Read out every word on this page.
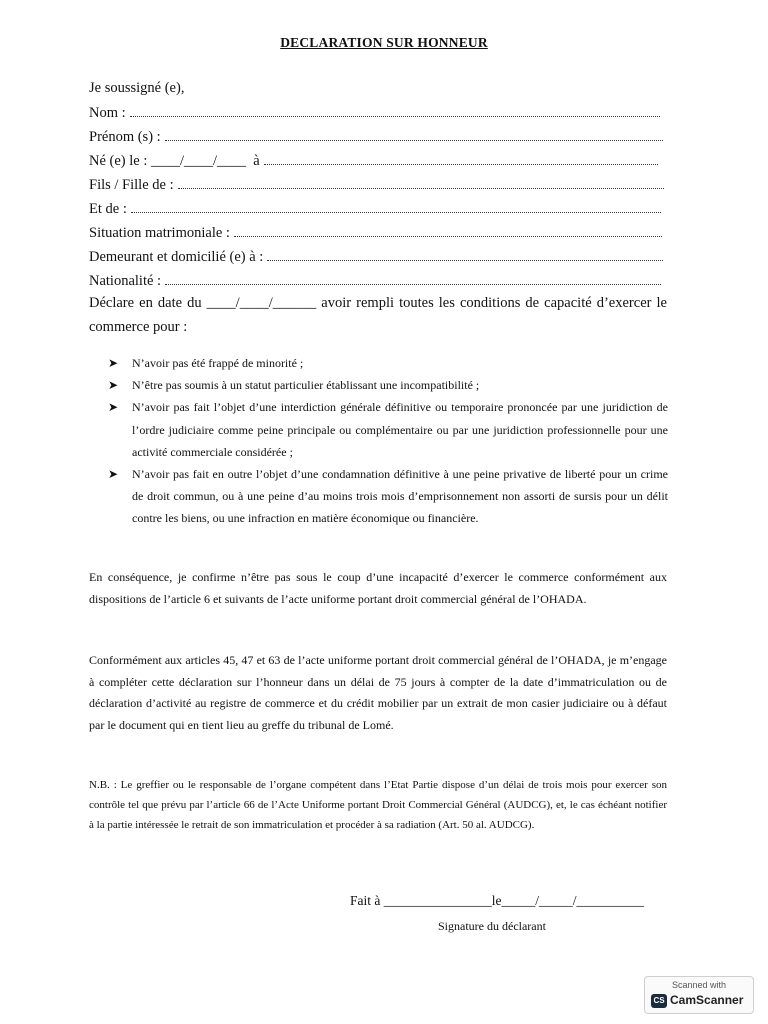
DECLARATION SUR HONNEUR
Je soussigné (e),
Nom :
Prénom (s) :
Né (e) le : ____/____/____  à
Fils / Fille de :
Et de :
Situation matrimoniale :
Demeurant et domicilié (e) à :
Nationalité :
Déclare en date du ____/____/______ avoir rempli toutes les conditions de capacité d’exercer le commerce pour :
➤	N’avoir pas été frappé de minorité ;
➤	N’être pas soumis à un statut particulier établissant une incompatibilité ;
➤	N’avoir pas fait l’objet d’une interdiction générale définitive ou temporaire prononcée par une juridiction de l’ordre judiciaire comme peine principale ou complémentaire ou par une juridiction professionnelle pour une activité commerciale considérée ;
➤	N’avoir pas fait en outre l’objet d’une condamnation définitive à une peine privative de liberté pour un crime de droit commun, ou à une peine d’au moins trois mois d’emprisonnement non assorti de sursis pour un délit contre les biens, ou une infraction en matière économique ou financière.
En conséquence, je confirme n’être pas sous le coup d’une incapacité d’exercer le commerce conformément aux dispositions de l’article 6 et suivants de l’acte uniforme portant droit commercial général de l’OHADA.
Conformément aux articles 45, 47 et 63 de l’acte uniforme portant droit commercial général de l’OHADA, je m’engage à compléter cette déclaration sur l’honneur dans un délai de 75 jours à compter de la date d’immatriculation ou de déclaration d’activité au registre de commerce et du crédit mobilier par un extrait de mon casier judiciaire ou à défaut par le document qui en tient lieu au greffe du tribunal de Lomé.
N.B. : Le greffier ou le responsable de l’organe compétent dans l’Etat Partie dispose d’un délai de trois mois pour exercer son contrôle tel que prévu par l’article 66 de l’Acte Uniforme portant Droit Commercial Général (AUDCG), et, le cas échéant notifier à la partie intéressée le retrait de son immatriculation et procéder à sa radiation (Art. 50 al. AUDCG).
Fait à ________________le_____/_____/__________
Signature du déclarant
Scanned with
CS CamScanner
